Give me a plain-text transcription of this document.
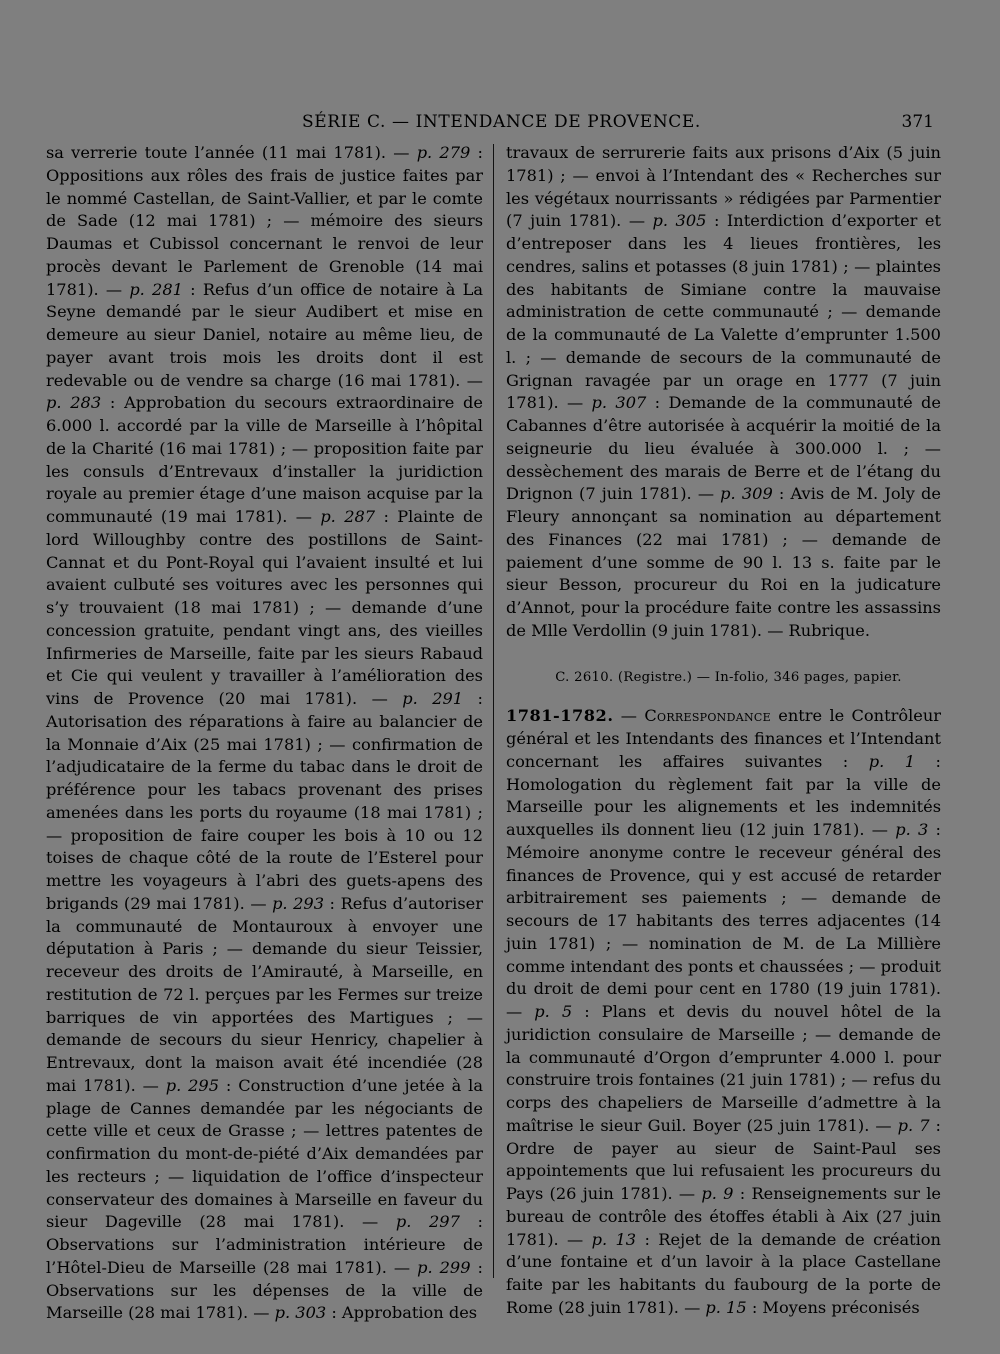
SÉRIE C. — INTENDANCE DE PROVENCE.	371

sa verrerie toute l’année (11 mai 1781). — p. 279 : Oppositions aux rôles des frais de justice faites par le nommé Castellan, de Saint-Vallier, et par le comte de Sade (12 mai 1781) ; — mémoire des sieurs Daumas et Cubissol concernant le renvoi de leur procès devant le Parlement de Grenoble (14 mai 1781). — p. 281 : Refus d’un office de notaire à La Seyne demandé par le sieur Audibert et mise en demeure au sieur Daniel, notaire au même lieu, de payer avant trois mois les droits dont il est redevable ou de vendre sa charge (16 mai 1781). — p. 283 : Approbation du secours extraordinaire de 6.000 l. accordé par la ville de Marseille à l’hôpital de la Charité (16 mai 1781) ; — proposition faite par les consuls d’Entrevaux d’installer la juridiction royale au premier étage d’une maison acquise par la communauté (19 mai 1781). — p. 287 : Plainte de lord Willoughby contre des postillons de Saint-Cannat et du Pont-Royal qui l’avaient insulté et lui avaient culbuté ses voitures avec les personnes qui s’y trouvaient (18 mai 1781) ; — demande d’une concession gratuite, pendant vingt ans, des vieilles Infirmeries de Marseille, faite par les sieurs Rabaud et Cie qui veulent y travailler à l’amélioration des vins de Provence (20 mai 1781). — p. 291 : Autorisation des réparations à faire au balancier de la Monnaie d’Aix (25 mai 1781) ; — confirmation de l’adjudicataire de la ferme du tabac dans le droit de préférence pour les tabacs provenant des prises amenées dans les ports du royaume (18 mai 1781) ; — proposition de faire couper les bois à 10 ou 12 toises de chaque côté de la route de l’Esterel pour mettre les voyageurs à l’abri des guets-apens des brigands (29 mai 1781). — p. 293 : Refus d’autoriser la communauté de Montauroux à envoyer une députation à Paris ; — demande du sieur Teissier, receveur des droits de l’Amirauté, à Marseille, en restitution de 72 l. perçues par les Fermes sur treize barriques de vin apportées des Martigues ; — demande de secours du sieur Henricy, chapelier à Entrevaux, dont la maison avait été incendiée (28 mai 1781). — p. 295 : Construction d’une jetée à la plage de Cannes demandée par les négociants de cette ville et ceux de Grasse ; — lettres patentes de confirmation du mont-de-piété d’Aix demandées par les recteurs ; — liquidation de l’office d’inspecteur conservateur des domaines à Marseille en faveur du sieur Dageville (28 mai 1781). — p. 297 : Observations sur l’administration intérieure de l’Hôtel-Dieu de Marseille (28 mai 1781). — p. 299 : Observations sur les dépenses de la ville de Marseille (28 mai 1781). — p. 303 : Approbation des

travaux de serrurerie faits aux prisons d’Aix (5 juin 1781) ; — envoi à l’Intendant des « Recherches sur les végétaux nourrissants » rédigées par Parmentier (7 juin 1781). — p. 305 : Interdiction d’exporter et d’entreposer dans les 4 lieues frontières, les cendres, salins et potasses (8 juin 1781) ; — plaintes des habitants de Simiane contre la mauvaise administration de cette communauté ; — demande de la communauté de La Valette d’emprunter 1.500 l. ; — demande de secours de la communauté de Grignan ravagée par un orage en 1777 (7 juin 1781). — p. 307 : Demande de la communauté de Cabannes d’être autorisée à acquérir la moitié de la seigneurie du lieu évaluée à 300.000 l. ; — dessèchement des marais de Berre et de l’étang du Drignon (7 juin 1781). — p. 309 : Avis de M. Joly de Fleury annonçant sa nomination au département des Finances (22 mai 1781) ; — demande de paiement d’une somme de 90 l. 13 s. faite par le sieur Besson, procureur du Roi en la judicature d’Annot, pour la procédure faite contre les assassins de Mlle Verdollin (9 juin 1781). — Rubrique.

C. 2610. (Registre.) — In-folio, 346 pages, papier.

1781-1782. — Correspondance entre le Contrôleur général et les Intendants des finances et l’Intendant concernant les affaires suivantes : p. 1 : Homologation du règlement fait par la ville de Marseille pour les alignements et les indemnités auxquelles ils donnent lieu (12 juin 1781). — p. 3 : Mémoire anonyme contre le receveur général des finances de Provence, qui y est accusé de retarder arbitrairement ses paiements ; — demande de secours de 17 habitants des terres adjacentes (14 juin 1781) ; — nomination de M. de La Millière comme intendant des ponts et chaussées ; — produit du droit de demi pour cent en 1780 (19 juin 1781). — p. 5 : Plans et devis du nouvel hôtel de la juridiction consulaire de Marseille ; — demande de la communauté d’Orgon d’emprunter 4.000 l. pour construire trois fontaines (21 juin 1781) ; — refus du corps des chapeliers de Marseille d’admettre à la maîtrise le sieur Guil. Boyer (25 juin 1781). — p. 7 : Ordre de payer au sieur de Saint-Paul ses appointements que lui refusaient les procureurs du Pays (26 juin 1781). — p. 9 : Renseignements sur le bureau de contrôle des étoffes établi à Aix (27 juin 1781). — p. 13 : Rejet de la demande de création d’une fontaine et d’un lavoir à la place Castellane faite par les habitants du faubourg de la porte de Rome (28 juin 1781). — p. 15 : Moyens préconisés
